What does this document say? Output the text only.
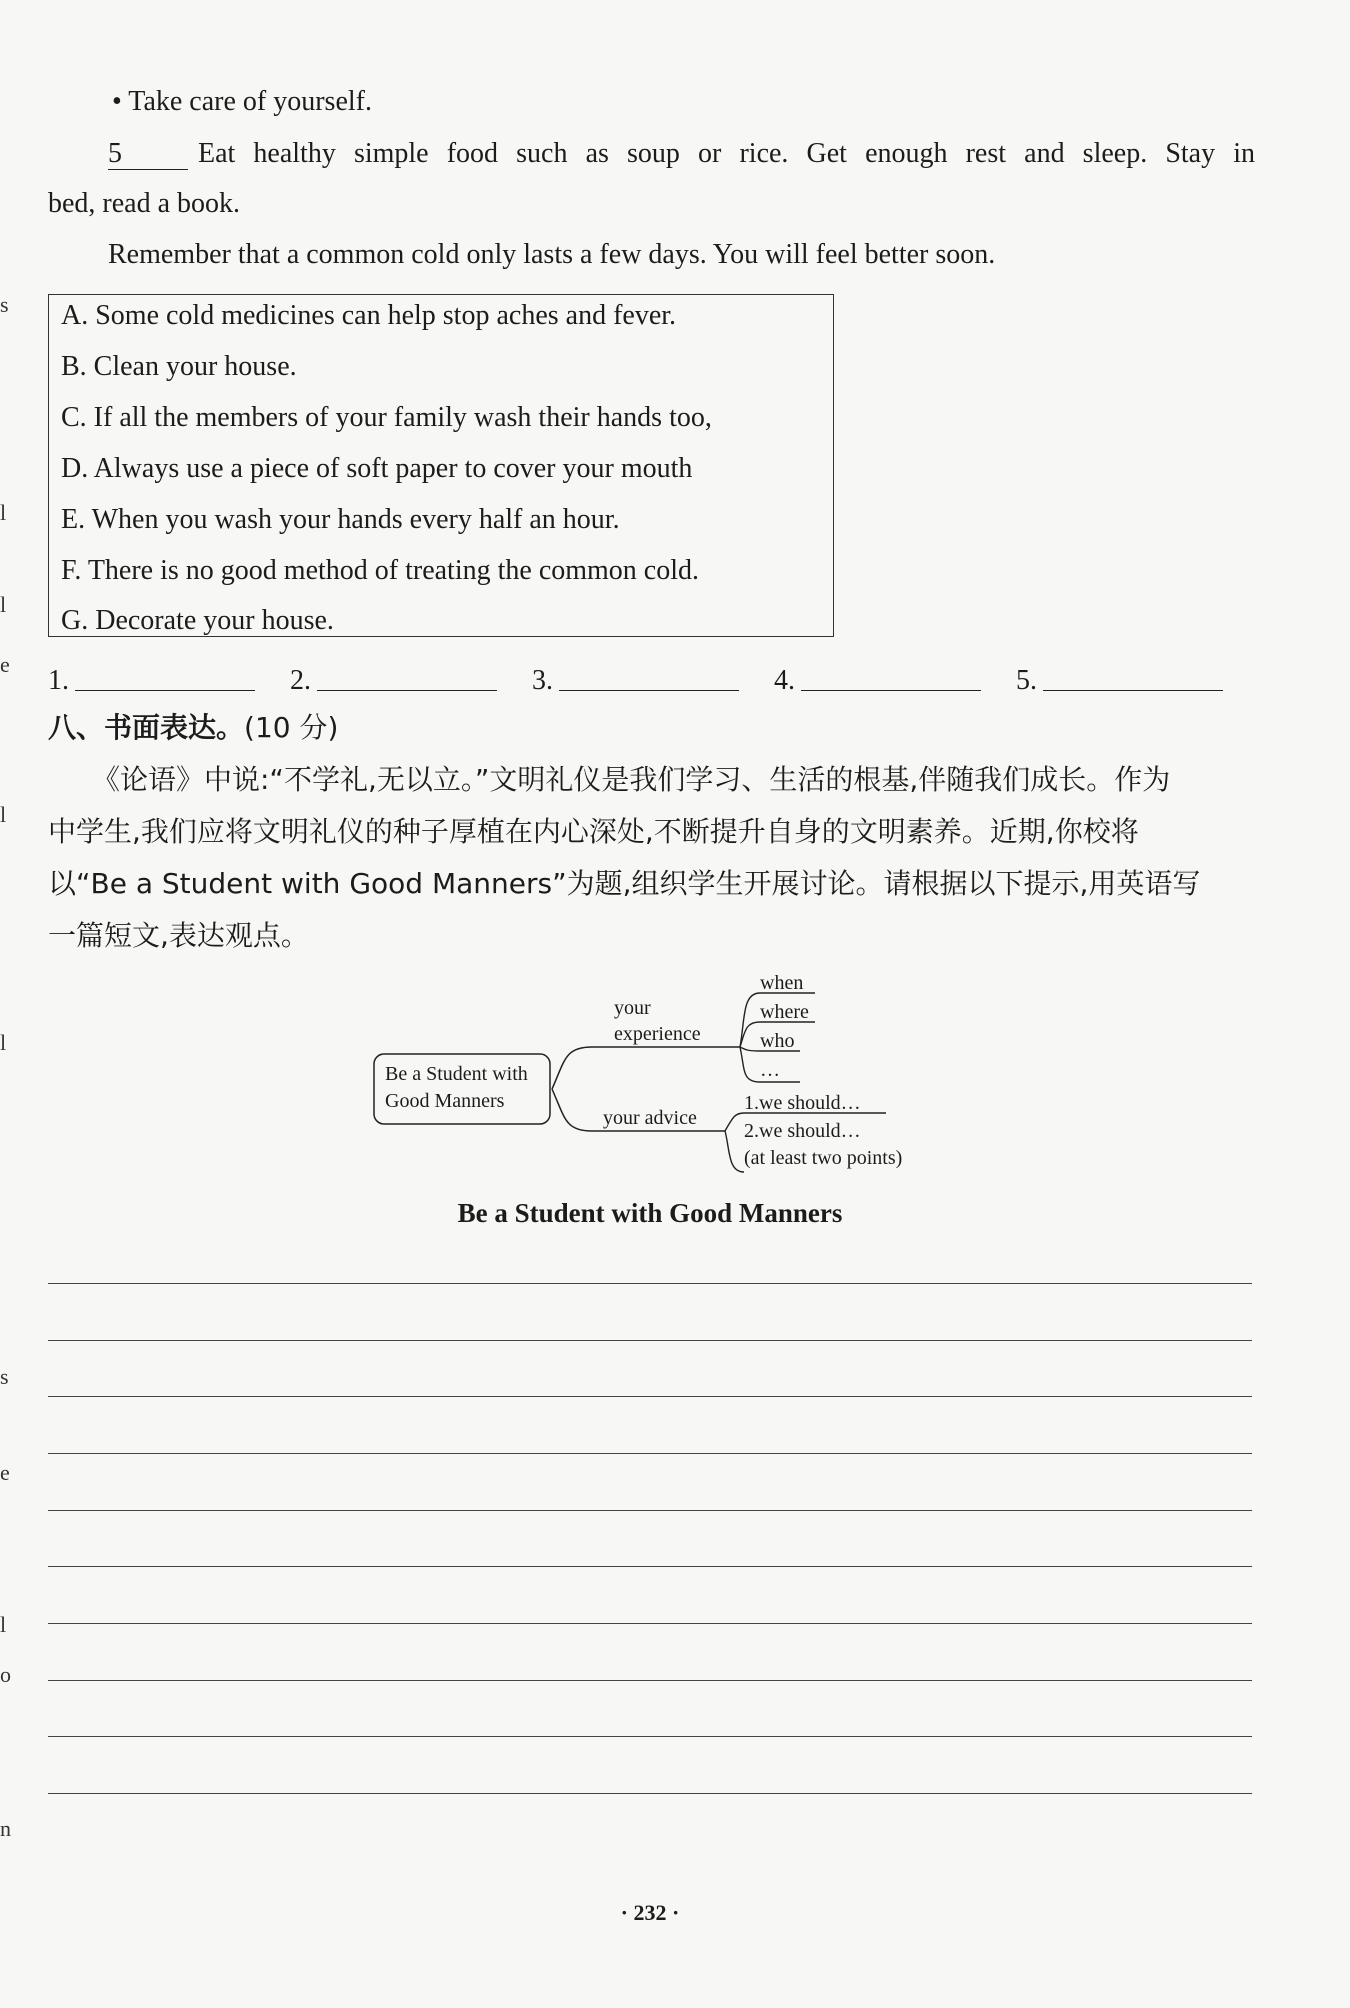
• Take care of yourself.
5	Eat healthy simple food such as soup or rice. Get enough rest and sleep. Stay in
bed, read a book.
Remember that a common cold only lasts a few days. You will feel better soon.
A. Some cold medicines can help stop aches and fever.
B. Clean your house.
C. If all the members of your family wash their hands too,
D. Always use a piece of soft paper to cover your mouth
E. When you wash your hands every half an hour.
F. There is no good method of treating the common cold.
G. Decorate your house.
1.	2.	3.	4.	5.
八、书面表达。(10 分)
《论语》中说:“不学礼,无以立。”文明礼仪是我们学习、生活的根基,伴随我们成长。作为
中学生,我们应将文明礼仪的种子厚植在内心深处,不断提升自身的文明素养。近期,你校将
以“Be a Student with Good Manners”为题,组织学生开展讨论。请根据以下提示,用英语写
一篇短文,表达观点。
Be a Student with
Good Manners
your
experience
your advice
when
where
who
…
1.we should…
2.we should…
(at least two points)
Be a Student with Good Manners
· 232 ·
s
l
l
e
l
l
s
e
l
o
n
